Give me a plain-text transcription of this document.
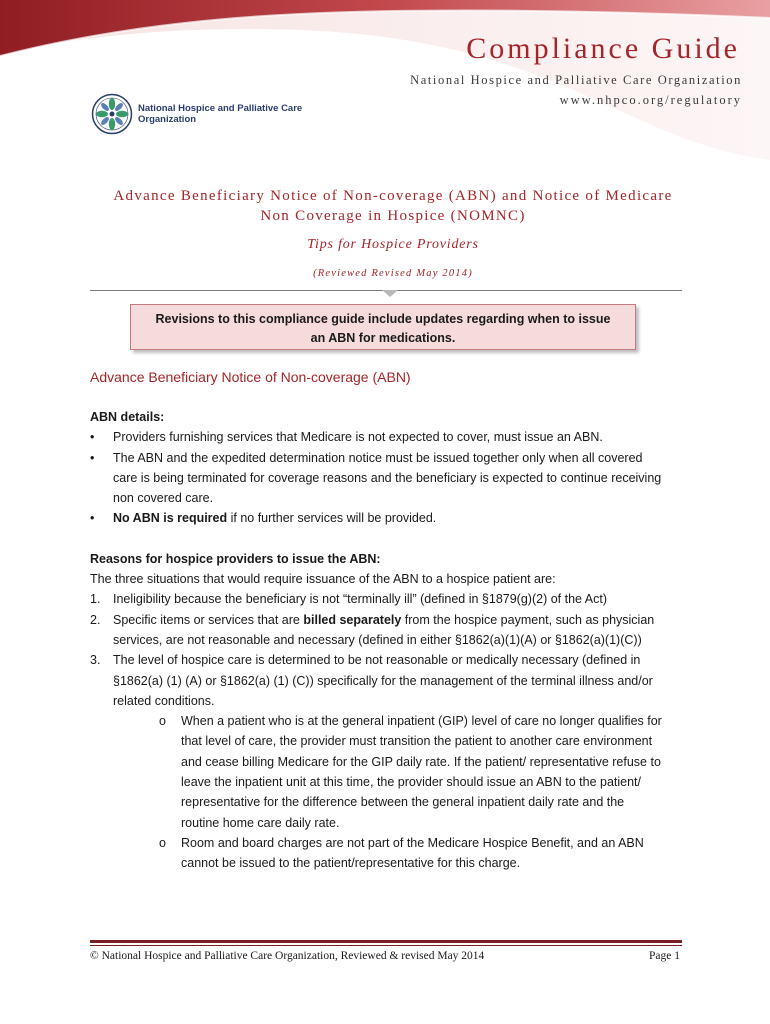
Compliance Guide
National Hospice and Palliative Care Organization
www.nhpco.org/regulatory
National Hospice and Palliative Care
Organization
Advance Beneficiary Notice of Non-coverage (ABN) and Notice of Medicare
Non Coverage in Hospice (NOMNC)
Tips for Hospice Providers
(Reviewed Revised May 2014)
Revisions to this compliance guide include updates regarding when to issue
an ABN for medications.
Advance Beneficiary Notice of Non-coverage (ABN)
ABN details:
• Providers furnishing services that Medicare is not expected to cover, must issue an ABN.
• The ABN and the expedited determination notice must be issued together only when all covered
care is being terminated for coverage reasons and the beneficiary is expected to continue receiving
non covered care.
• No ABN is required if no further services will be provided.
Reasons for hospice providers to issue the ABN:
The three situations that would require issuance of the ABN to a hospice patient are:
1. Ineligibility because the beneficiary is not “terminally ill” (defined in §1879(g)(2) of the Act)
2. Specific items or services that are billed separately from the hospice payment, such as physician
services, are not reasonable and necessary (defined in either §1862(a)(1)(A) or §1862(a)(1)(C))
3. The level of hospice care is determined to be not reasonable or medically necessary (defined in
§1862(a) (1) (A) or §1862(a) (1) (C)) specifically for the management of the terminal illness and/or
related conditions.
o When a patient who is at the general inpatient (GIP) level of care no longer qualifies for
that level of care, the provider must transition the patient to another care environment
and cease billing Medicare for the GIP daily rate. If the patient/ representative refuse to
leave the inpatient unit at this time, the provider should issue an ABN to the patient/
representative for the difference between the general inpatient daily rate and the
routine home care daily rate.
o Room and board charges are not part of the Medicare Hospice Benefit, and an ABN
cannot be issued to the patient/representative for this charge.
© National Hospice and Palliative Care Organization, Reviewed & revised May 2014	Page 1
